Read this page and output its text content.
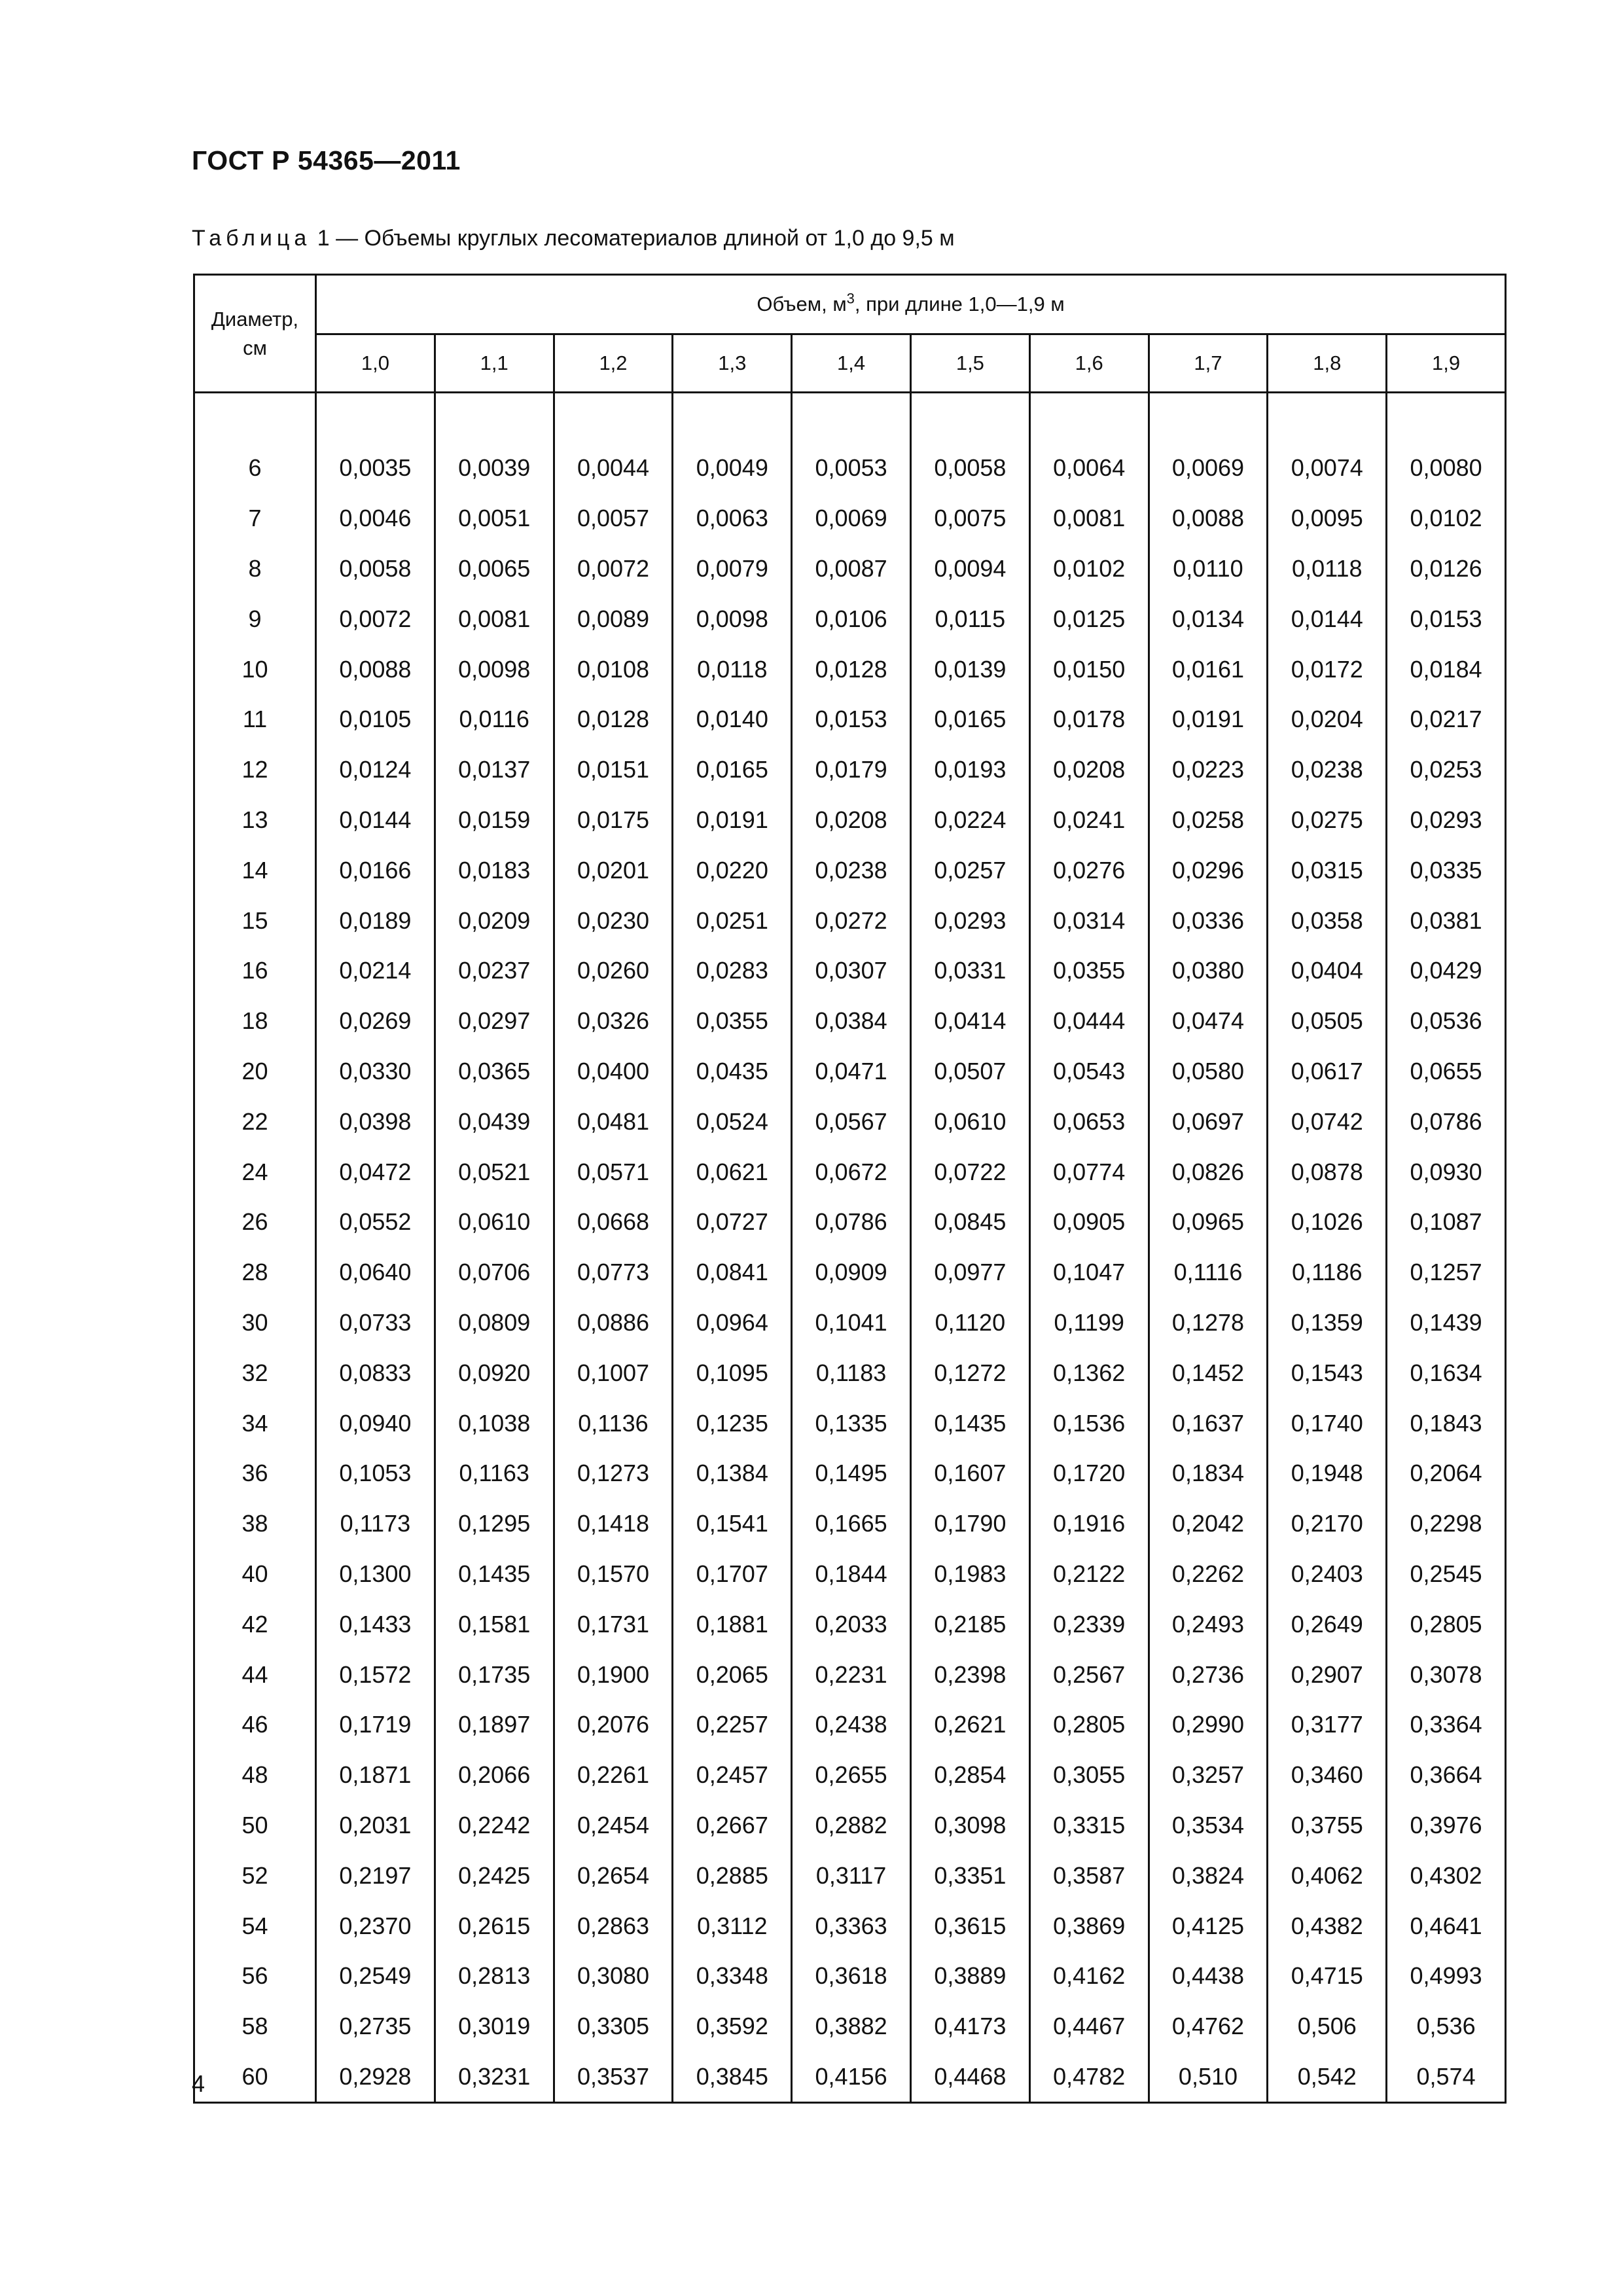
ГОСТ Р 54365—2011
Таблица 1 — Объемы круглых лесоматериалов длиной от 1,0 до 9,5 м
Диаметр,
см	Объем, $м^3$, при длине 1,0—1,9 м									
	1,0	1,1	1,2	1,3	1,4	1,5	1,6	1,7	1,8	1,9

6	0,0035	0,0039	0,0044	0,0049	0,0053	0,0058	0,0064	0,0069	0,0074	0,0080
7	0,0046	0,0051	0,0057	0,0063	0,0069	0,0075	0,0081	0,0088	0,0095	0,0102
8	0,0058	0,0065	0,0072	0,0079	0,0087	0,0094	0,0102	0,0110	0,0118	0,0126
9	0,0072	0,0081	0,0089	0,0098	0,0106	0,0115	0,0125	0,0134	0,0144	0,0153
10	0,0088	0,0098	0,0108	0,0118	0,0128	0,0139	0,0150	0,0161	0,0172	0,0184
11	0,0105	0,0116	0,0128	0,0140	0,0153	0,0165	0,0178	0,0191	0,0204	0,0217
12	0,0124	0,0137	0,0151	0,0165	0,0179	0,0193	0,0208	0,0223	0,0238	0,0253
13	0,0144	0,0159	0,0175	0,0191	0,0208	0,0224	0,0241	0,0258	0,0275	0,0293
14	0,0166	0,0183	0,0201	0,0220	0,0238	0,0257	0,0276	0,0296	0,0315	0,0335
15	0,0189	0,0209	0,0230	0,0251	0,0272	0,0293	0,0314	0,0336	0,0358	0,0381
16	0,0214	0,0237	0,0260	0,0283	0,0307	0,0331	0,0355	0,0380	0,0404	0,0429
18	0,0269	0,0297	0,0326	0,0355	0,0384	0,0414	0,0444	0,0474	0,0505	0,0536
20	0,0330	0,0365	0,0400	0,0435	0,0471	0,0507	0,0543	0,0580	0,0617	0,0655
22	0,0398	0,0439	0,0481	0,0524	0,0567	0,0610	0,0653	0,0697	0,0742	0,0786
24	0,0472	0,0521	0,0571	0,0621	0,0672	0,0722	0,0774	0,0826	0,0878	0,0930
26	0,0552	0,0610	0,0668	0,0727	0,0786	0,0845	0,0905	0,0965	0,1026	0,1087
28	0,0640	0,0706	0,0773	0,0841	0,0909	0,0977	0,1047	0,1116	0,1186	0,1257
30	0,0733	0,0809	0,0886	0,0964	0,1041	0,1120	0,1199	0,1278	0,1359	0,1439
32	0,0833	0,0920	0,1007	0,1095	0,1183	0,1272	0,1362	0,1452	0,1543	0,1634
34	0,0940	0,1038	0,1136	0,1235	0,1335	0,1435	0,1536	0,1637	0,1740	0,1843
36	0,1053	0,1163	0,1273	0,1384	0,1495	0,1607	0,1720	0,1834	0,1948	0,2064
38	0,1173	0,1295	0,1418	0,1541	0,1665	0,1790	0,1916	0,2042	0,2170	0,2298
40	0,1300	0,1435	0,1570	0,1707	0,1844	0,1983	0,2122	0,2262	0,2403	0,2545
42	0,1433	0,1581	0,1731	0,1881	0,2033	0,2185	0,2339	0,2493	0,2649	0,2805
44	0,1572	0,1735	0,1900	0,2065	0,2231	0,2398	0,2567	0,2736	0,2907	0,3078
46	0,1719	0,1897	0,2076	0,2257	0,2438	0,2621	0,2805	0,2990	0,3177	0,3364
48	0,1871	0,2066	0,2261	0,2457	0,2655	0,2854	0,3055	0,3257	0,3460	0,3664
50	0,2031	0,2242	0,2454	0,2667	0,2882	0,3098	0,3315	0,3534	0,3755	0,3976
52	0,2197	0,2425	0,2654	0,2885	0,3117	0,3351	0,3587	0,3824	0,4062	0,4302
54	0,2370	0,2615	0,2863	0,3112	0,3363	0,3615	0,3869	0,4125	0,4382	0,4641
56	0,2549	0,2813	0,3080	0,3348	0,3618	0,3889	0,4162	0,4438	0,4715	0,4993
58	0,2735	0,3019	0,3305	0,3592	0,3882	0,4173	0,4467	0,4762	0,506	0,536
60	0,2928	0,3231	0,3537	0,3845	0,4156	0,4468	0,4782	0,510	0,542	0,574
4
